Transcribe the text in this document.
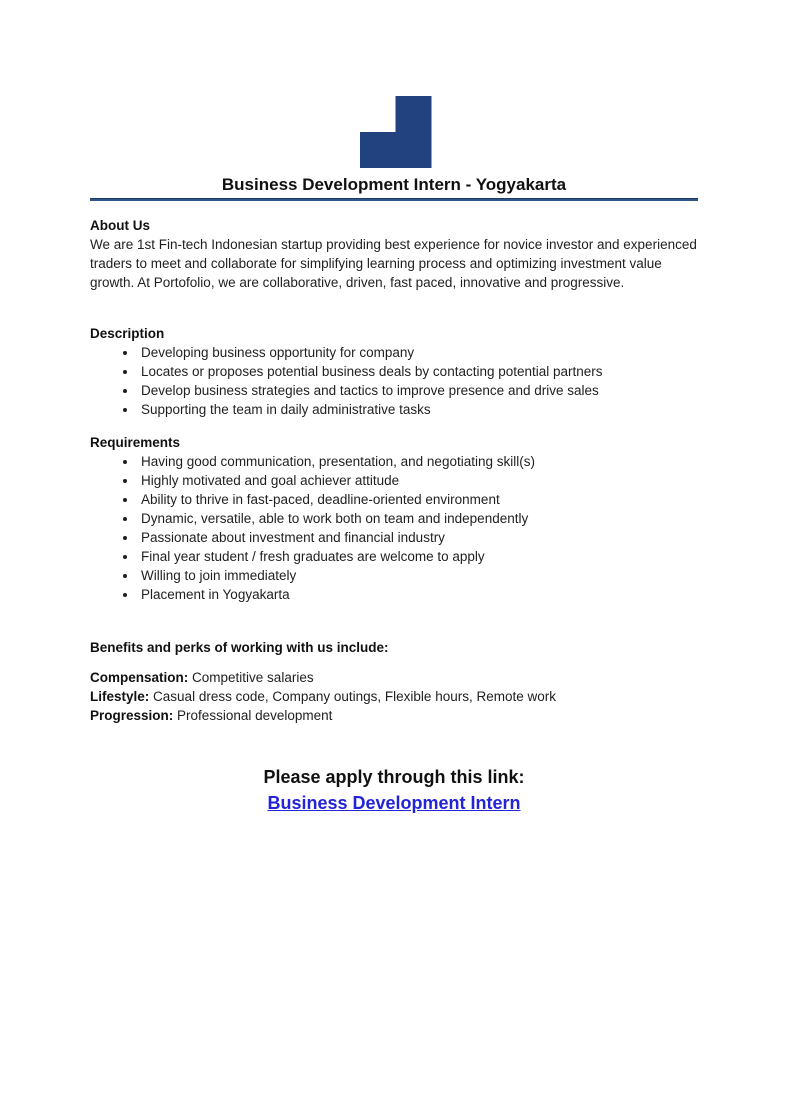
Business Development Intern - Yogyakarta
About Us
We are 1st Fin-tech Indonesian startup providing best experience for novice investor and experienced traders to meet and collaborate for simplifying learning process and optimizing investment value growth. At Portofolio, we are collaborative, driven, fast paced, innovative and progressive.
Description
• Developing business opportunity for company
• Locates or proposes potential business deals by contacting potential partners
• Develop business strategies and tactics to improve presence and drive sales
• Supporting the team in daily administrative tasks
Requirements
• Having good communication, presentation, and negotiating skill(s)
• Highly motivated and goal achiever attitude
• Ability to thrive in fast-paced, deadline-oriented environment
• Dynamic, versatile, able to work both on team and independently
• Passionate about investment and financial industry
• Final year student / fresh graduates are welcome to apply
• Willing to join immediately
• Placement in Yogyakarta
Benefits and perks of working with us include:
Compensation: Competitive salaries
Lifestyle: Casual dress code, Company outings, Flexible hours, Remote work
Progression: Professional development
Please apply through this link:
Business Development Intern
